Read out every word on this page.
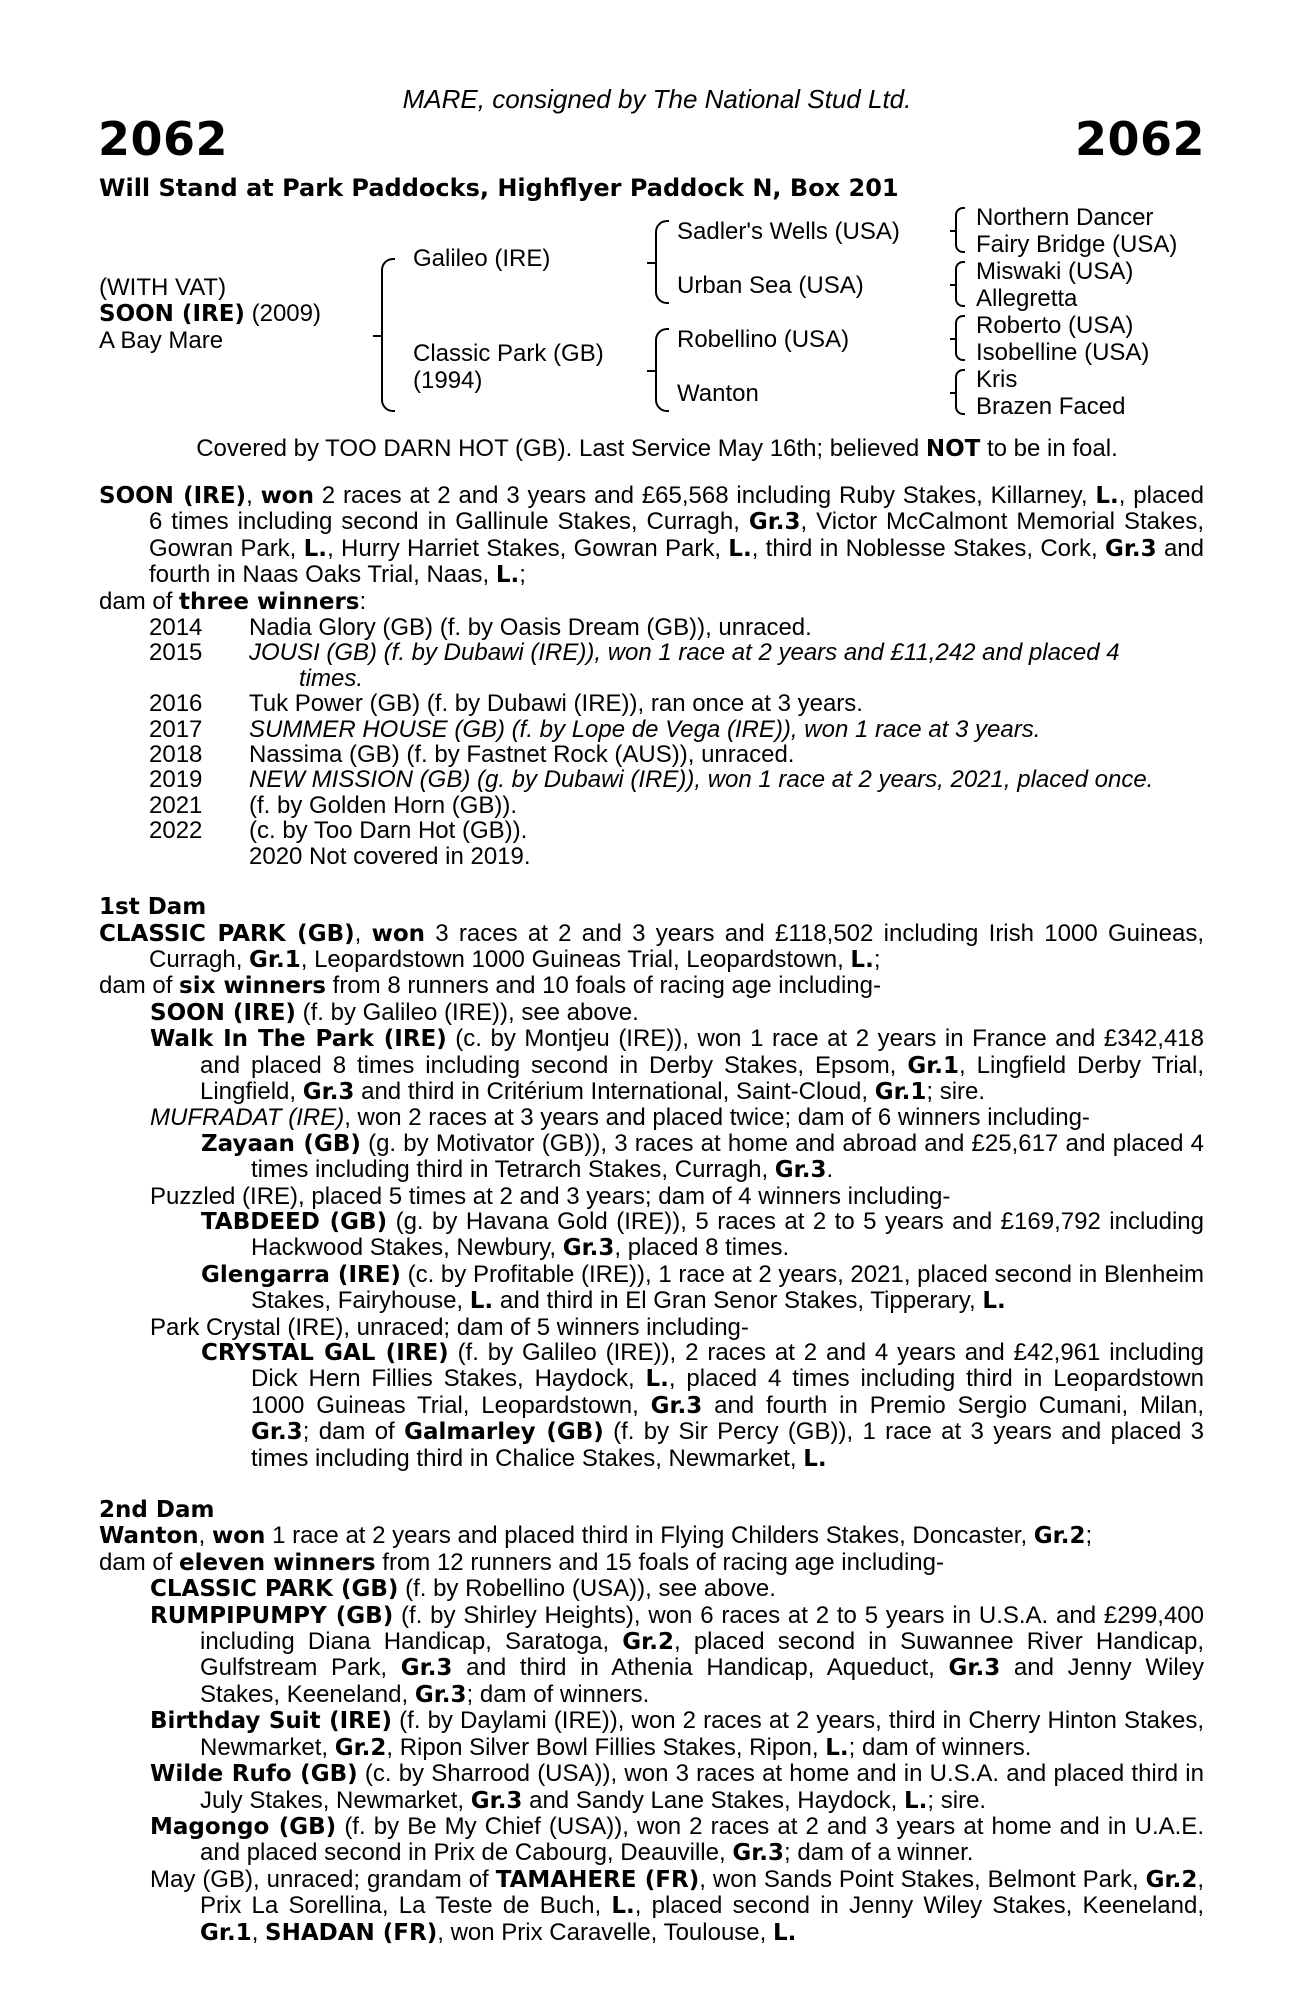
MARE, consigned by The National Stud Ltd.
2062	2062
Will Stand at Park Paddocks, Highflyer Paddock N, Box 201
(WITH VAT)
SOON (IRE) (2009)
A Bay Mare
Galileo (IRE)
Classic Park (GB)
(1994)
Sadler's Wells (USA)
Urban Sea (USA)
Robellino (USA)
Wanton
Northern Dancer
Fairy Bridge (USA)
Miswaki (USA)
Allegretta
Roberto (USA)
Isobelline (USA)
Kris
Brazen Faced
Covered by TOO DARN HOT (GB). Last Service May 16th; believed NOT to be in foal.

SOON (IRE), won 2 races at 2 and 3 years and £65,568 including Ruby Stakes, Killarney, L., placed 6 times including second in Gallinule Stakes, Curragh, Gr.3, Victor McCalmont Memorial Stakes, Gowran Park, L., Hurry Harriet Stakes, Gowran Park, L., third in Noblesse Stakes, Cork, Gr.3 and fourth in Naas Oaks Trial, Naas, L.;

dam of three winners:

2014	Nadia Glory (GB) (f. by Oasis Dream (GB)), unraced.
2015	JOUSI (GB) (f. by Dubawi (IRE)), won 1 race at 2 years and £11,242 and placed 4
times.
2016	Tuk Power (GB) (f. by Dubawi (IRE)), ran once at 3 years.
2017	SUMMER HOUSE (GB) (f. by Lope de Vega (IRE)), won 1 race at 3 years.
2018	Nassima (GB) (f. by Fastnet Rock (AUS)), unraced.
2019	NEW MISSION (GB) (g. by Dubawi (IRE)), won 1 race at 2 years, 2021, placed once.
2021	(f. by Golden Horn (GB)).
2022	(c. by Too Darn Hot (GB)).
	2020 Not covered in 2019.

1st Dam

CLASSIC PARK (GB), won 3 races at 2 and 3 years and £118,502 including Irish 1000 Guineas, Curragh, Gr.1, Leopardstown 1000 Guineas Trial, Leopardstown, L.;

dam of six winners from 8 runners and 10 foals of racing age including-

SOON (IRE) (f. by Galileo (IRE)), see above.

Walk In The Park (IRE) (c. by Montjeu (IRE)), won 1 race at 2 years in France and £342,418 and placed 8 times including second in Derby Stakes, Epsom, Gr.1, Lingfield Derby Trial, Lingfield, Gr.3 and third in Critérium International, Saint-Cloud, Gr.1; sire.

MUFRADAT (IRE), won 2 races at 3 years and placed twice; dam of 6 winners including-

Zayaan (GB) (g. by Motivator (GB)), 3 races at home and abroad and £25,617 and placed 4 times including third in Tetrarch Stakes, Curragh, Gr.3.

Puzzled (IRE), placed 5 times at 2 and 3 years; dam of 4 winners including-

TABDEED (GB) (g. by Havana Gold (IRE)), 5 races at 2 to 5 years and £169,792 including Hackwood Stakes, Newbury, Gr.3, placed 8 times.

Glengarra (IRE) (c. by Profitable (IRE)), 1 race at 2 years, 2021, placed second in Blenheim Stakes, Fairyhouse, L. and third in El Gran Senor Stakes, Tipperary, L.

Park Crystal (IRE), unraced; dam of 5 winners including-

CRYSTAL GAL (IRE) (f. by Galileo (IRE)), 2 races at 2 and 4 years and £42,961 including Dick Hern Fillies Stakes, Haydock, L., placed 4 times including third in Leopardstown 1000 Guineas Trial, Leopardstown, Gr.3 and fourth in Premio Sergio Cumani, Milan, Gr.3; dam of Galmarley (GB) (f. by Sir Percy (GB)), 1 race at 3 years and placed 3 times including third in Chalice Stakes, Newmarket, L.

2nd Dam

Wanton, won 1 race at 2 years and placed third in Flying Childers Stakes, Doncaster, Gr.2;

dam of eleven winners from 12 runners and 15 foals of racing age including-

CLASSIC PARK (GB) (f. by Robellino (USA)), see above.

RUMPIPUMPY (GB) (f. by Shirley Heights), won 6 races at 2 to 5 years in U.S.A. and £299,400 including Diana Handicap, Saratoga, Gr.2, placed second in Suwannee River Handicap, Gulfstream Park, Gr.3 and third in Athenia Handicap, Aqueduct, Gr.3 and Jenny Wiley Stakes, Keeneland, Gr.3; dam of winners.

Birthday Suit (IRE) (f. by Daylami (IRE)), won 2 races at 2 years, third in Cherry Hinton Stakes, Newmarket, Gr.2, Ripon Silver Bowl Fillies Stakes, Ripon, L.; dam of winners.

Wilde Rufo (GB) (c. by Sharrood (USA)), won 3 races at home and in U.S.A. and placed third in July Stakes, Newmarket, Gr.3 and Sandy Lane Stakes, Haydock, L.; sire.

Magongo (GB) (f. by Be My Chief (USA)), won 2 races at 2 and 3 years at home and in U.A.E. and placed second in Prix de Cabourg, Deauville, Gr.3; dam of a winner.

May (GB), unraced; grandam of TAMAHERE (FR), won Sands Point Stakes, Belmont Park, Gr.2, Prix La Sorellina, La Teste de Buch, L., placed second in Jenny Wiley Stakes, Keeneland, Gr.1, SHADAN (FR), won Prix Caravelle, Toulouse, L.
